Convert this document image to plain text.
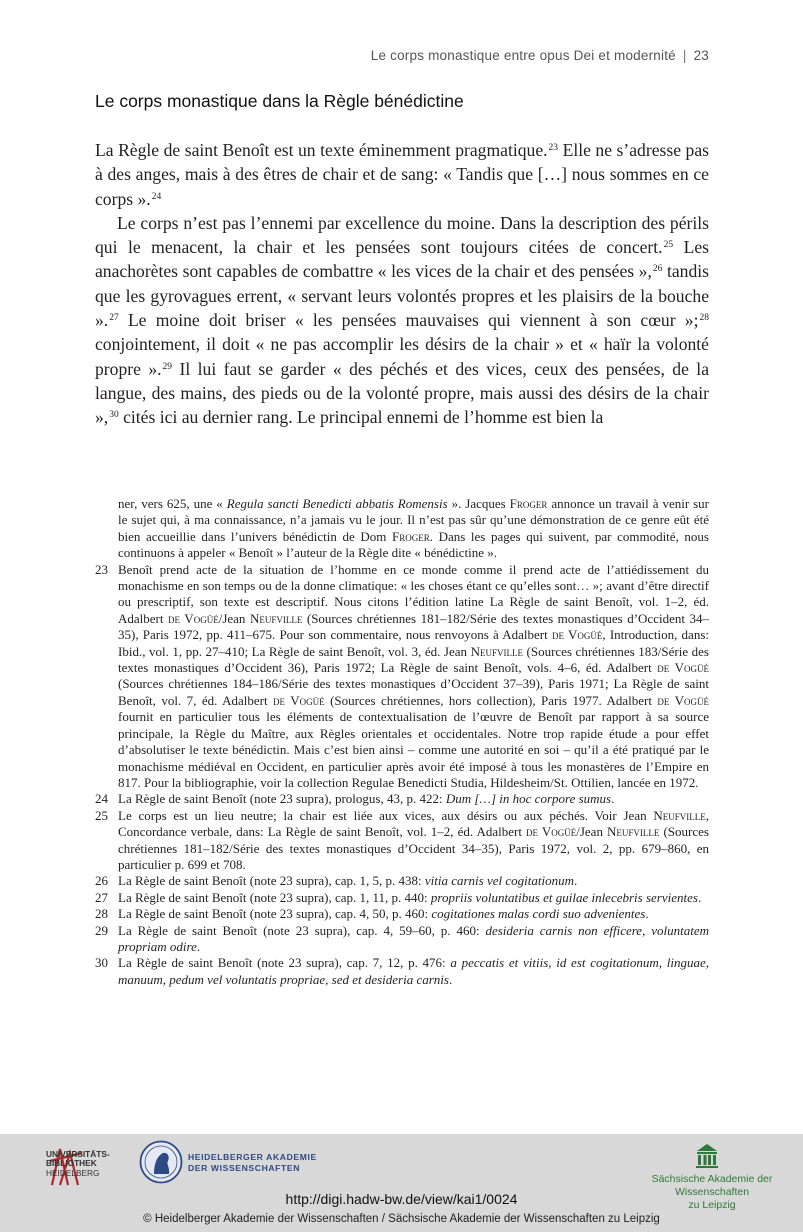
Le corps monastique entre opus Dei et modernité | 23
Le corps monastique dans la Règle bénédictine

La Règle de saint Benoît est un texte éminemment pragmatique.$^{23}$ Elle ne s’adresse pas à des anges, mais à des êtres de chair et de sang: « Tandis que […] nous sommes en ce corps ».$^{24}$

Le corps n’est pas l’ennemi par excellence du moine. Dans la description des périls qui le menacent, la chair et les pensées sont toujours citées de concert.$^{25}$ Les anachorètes sont capables de combattre « les vices de la chair et des pensées »,$^{26}$ tandis que les gyrovagues errent, « servant leurs volontés propres et les plaisirs de la bouche ».$^{27}$ Le moine doit briser « les pensées mauvaises qui viennent à son cœur »;$^{28}$ conjointement, il doit « ne pas accomplir les désirs de la chair » et « haïr la volonté propre ».$^{29}$ Il lui faut se garder « des péchés et des vices, ceux des pensées, de la langue, des mains, des pieds ou de la volonté propre, mais aussi des désirs de la chair »,$^{30}$ cités ici au dernier rang. Le principal ennemi de l’homme est bien la

ner, vers 625, une « Regula sancti Benedicti abbatis Romensis ». Jacques Froger annonce un travail à venir sur le sujet qui, à ma connaissance, n’a jamais vu le jour. Il n’est pas sûr qu’une démonstration de ce genre eût été bien accueillie dans l’univers bénédictin de Dom Froger. Dans les pages qui suivent, par commodité, nous continuons à appeler « Benoît » l’auteur de la Règle dite « bénédictine ».

23 Benoît prend acte de la situation de l’homme en ce monde comme il prend acte de l’attiédissement du monachisme en son temps ou de la donne climatique: « les choses étant ce qu’elles sont… »; avant d’être directif ou prescriptif, son texte est descriptif. Nous citons l’édition latine La Règle de saint Benoît, vol. 1–2, éd. Adalbert de Vogüé/Jean Neufville (Sources chrétiennes 181–182/Série des textes monastiques d’Occident 34–35), Paris 1972, pp. 411–675. Pour son commentaire, nous renvoyons à Adalbert de Vogüé, Introduction, dans: Ibid., vol. 1, pp. 27–410; La Règle de saint Benoît, vol. 3, éd. Jean Neufville (Sources chrétiennes 183/Série des textes monastiques d’Occident 36), Paris 1972; La Règle de saint Benoît, vols. 4–6, éd. Adalbert de Vogüé (Sources chrétiennes 184–186/Série des textes monastiques d’Occident 37–39), Paris 1971; La Règle de saint Benoît, vol. 7, éd. Adalbert de Vogüé (Sources chrétiennes, hors collection), Paris 1977. Adalbert de Vogüé fournit en particulier tous les éléments de contextualisation de l’œuvre de Benoît par rapport à sa source principale, la Règle du Maître, aux Règles orientales et occidentales. Notre trop rapide étude a pour effet d’absolutiser le texte bénédictin. Mais c’est bien ainsi – comme une autorité en soi – qu’il a été pratiqué par le monachisme médiéval en Occident, en particulier après avoir été imposé à tous les monastères de l’Empire en 817. Pour la bibliographie, voir la collection Regulae Benedicti Studia, Hildesheim/St. Ottilien, lancée en 1972.

24 La Règle de saint Benoît (note 23 supra), prologus, 43, p. 422: Dum […] in hoc corpore sumus.

25 Le corps est un lieu neutre; la chair est liée aux vices, aux désirs ou aux péchés. Voir Jean Neufville, Concordance verbale, dans: La Règle de saint Benoît, vol. 1–2, éd. Adalbert de Vogüé/Jean Neufville (Sources chrétiennes 181–182/Série des textes monastiques d’Occident 34–35), Paris 1972, vol. 2, pp. 679–860, en particulier p. 699 et 708.

26 La Règle de saint Benoît (note 23 supra), cap. 1, 5, p. 438: vitia carnis vel cogitationum.

27 La Règle de saint Benoît (note 23 supra), cap. 1, 11, p. 440: propriis voluntatibus et guilae inlecebris servientes.

28 La Règle de saint Benoît (note 23 supra), cap. 4, 50, p. 460: cogitationes malas cordi suo advenientes.

29 La Règle de saint Benoît (note 23 supra), cap. 4, 59–60, p. 460: desideria carnis non efficere, voluntatem propriam odire.

30 La Règle de saint Benoît (note 23 supra), cap. 7, 12, p. 476: a peccatis et vitiis, id est cogitationum, linguae, manuum, pedum vel voluntatis propriae, sed et desideria carnis.

UNIVERSITÄTS-
BIBLIOTHEK
HEIDELBERG
HEIDELBERGER AKADEMIE
DER WISSENSCHAFTEN
Sächsische Akademie der Wissenschaften
zu Leipzig
http://digi.hadw-bw.de/view/kai1/0024
© Heidelberger Akademie der Wissenschaften / Sächsische Akademie der Wissenschaften zu Leipzig
